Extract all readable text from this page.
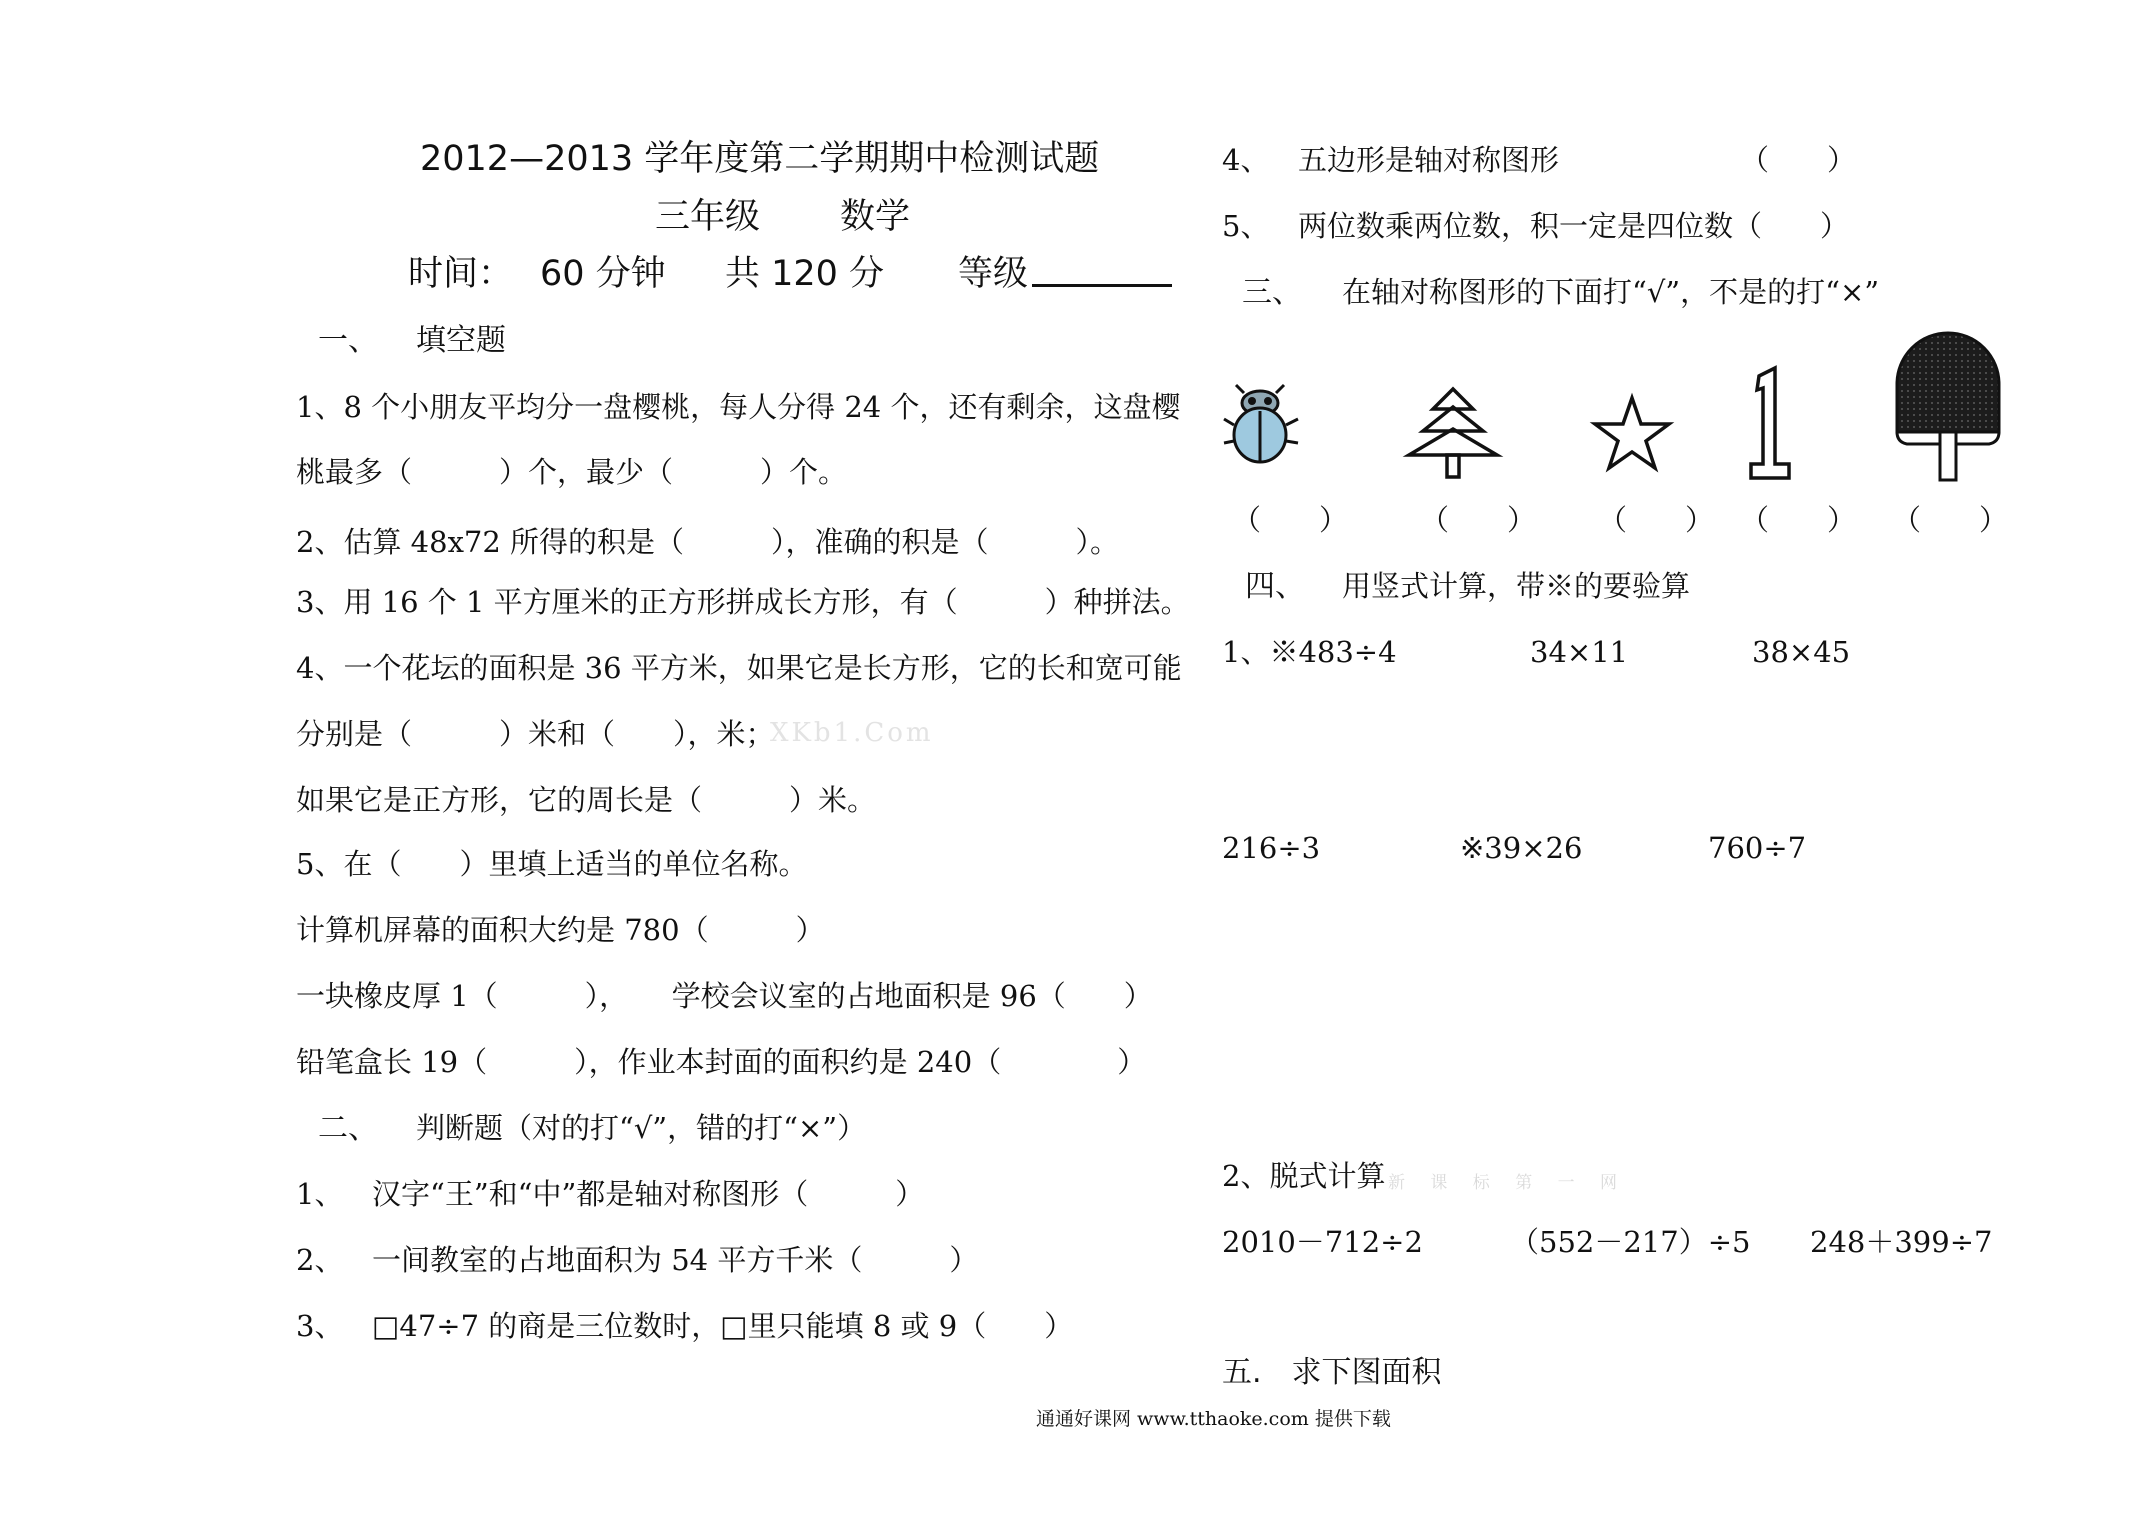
2012—2013 学年度第二学期期中检测试题
三年级 数学
时间： 60 分钟 共 120 分 等级
一、 填空题
1、8 个小朋友平均分一盘樱桃，每人分得 24 个，还有剩余，这盘樱
桃最多（　　　）个，最少（　　　）个。
2、估算 48x72 所得的积是（　　　），准确的积是（　　　）。
3、用 16 个 1 平方厘米的正方形拼成长方形，有（　　　）种拼法。
4、一个花坛的面积是 36 平方米，如果它是长方形，它的长和宽可能
分别是（　　　）米和（　　），米；
XKb1.Com
如果它是正方形，它的周长是（　　　）米。
5、在（　　）里填上适当的单位名称。
计算机屏幕的面积大约是 780（　　　）
一块橡皮厚 1（　　　），　　学校会议室的占地面积是 96（　　）
铅笔盒长 19（　　　），作业本封面的面积约是 240（　　　　）
二、 判断题（对的打“√”，错的打“×”）
1、 汉字“王”和“中”都是轴对称图形（　　　）
2、 一间教室的占地面积为 54 平方千米（　　　）
3、 □47÷7 的商是三位数时，□里只能填 8 或 9（　　）
4、 五边形是轴对称图形	（　　）
5、 两位数乘两位数，积一定是四位数（　　）
三、 在轴对称图形的下面打“√”，不是的打“×”
（　　） （　　） （　　） （　　） （　　）
四、 用竖式计算，带※的要验算
1、※483÷4	34×11	38×45
216÷3	※39×26	760÷7
2、脱式计算 新 课 标 第 一 网
2010－712÷2	（552－217）÷5 248＋399÷7
五.　求下图面积
通通好课网 www.tthaoke.com 提供下载
